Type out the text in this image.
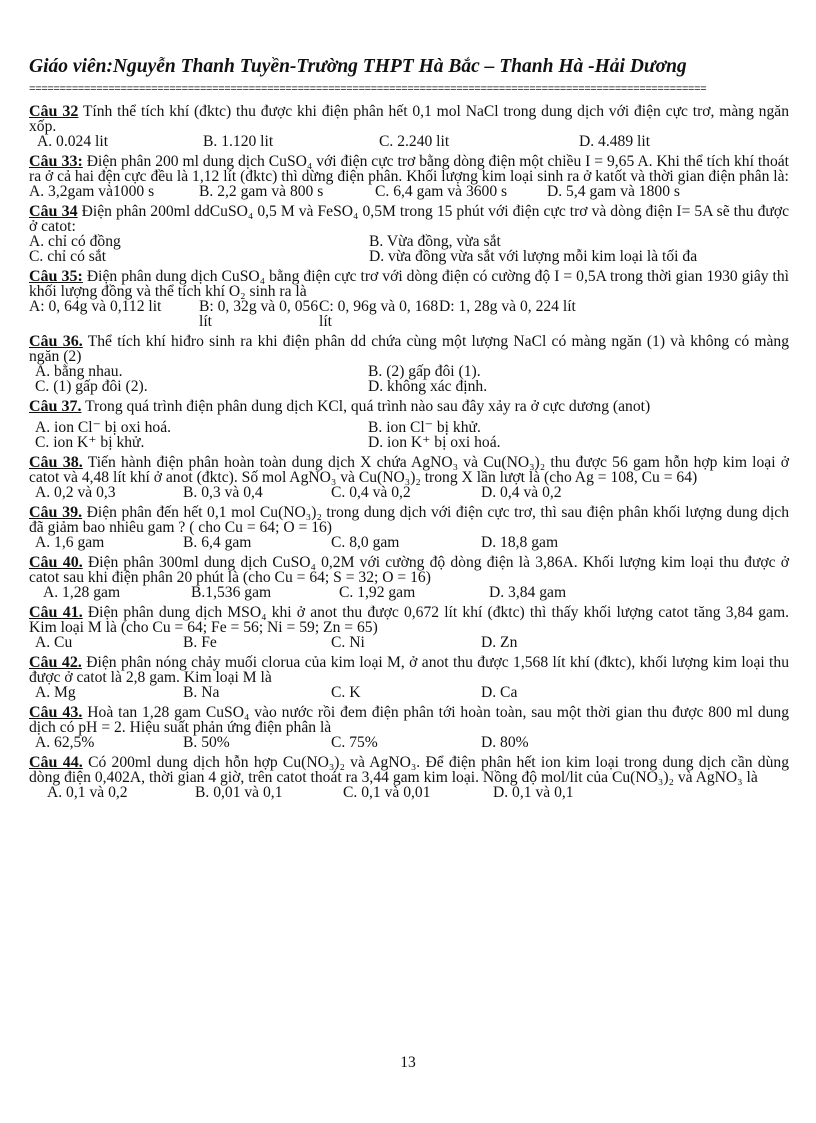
Giáo viên:Nguyễn Thanh Tuyền-Trường THPT Hà Bắc – Thanh Hà -Hải Dương

===============================================================================================================

Câu 32 Tính thể tích khí (đktc) thu được khi điện phân hết 0,1 mol NaCl trong dung dịch với điện cực trơ, màng ngăn xốp.

A. 0.024 lit	B. 1.120 lit	C. 2.240 lit	D. 4.489 lit

Câu 33: Điện phân 200 ml dung dịch CuSO₄ với điện cực trơ bằng dòng điện một chiều I = 9,65 A. Khi thể tích khí thoát ra ở cả hai đện cực đều là 1,12 lít (đktc) thì dừng điện phân. Khối lượng kim loại sinh ra ở katốt và thời gian điện phân là:

A. 3,2gam và1000 s	B. 2,2 gam và 800 s	C. 6,4 gam và 3600 s	D. 5,4 gam và 1800 s

Câu 34 Điện phân 200ml ddCuSO₄ 0,5 M và FeSO₄ 0,5M trong 15 phút với điện cực trơ và dòng điện I= 5A sẽ thu được ở catot:

A. chỉ có đồng	B. Vừa đồng, vừa sắt
C. chỉ có sắt	D. vừa đồng vừa sắt với lượng mỗi kim loại là tối đa

Câu 35: Điện phân dung dịch CuSO₄ bằng điện cực trơ với dòng điện có cường độ I = 0,5A trong thời gian 1930 giây thì khối lượng đồng và thể tích khí O₂ sinh ra là

A: 0, 64g và 0,112 lit	B: 0, 32g và 0, 056 lít
C: 0, 96g và 0, 168 lít
D: 1, 28g và 0, 224 lít

Câu 36. Thể tích khí hiđro sinh ra khi điện phân dd chứa cùng một lượng NaCl có màng ngăn (1) và không có màng ngăn (2)

A. bằng nhau.	B. (2) gấp đôi (1).
C. (1) gấp đôi (2).	D. không xác định.

Câu 37. Trong quá trình điện phân dung dịch KCl, quá trình nào sau đây xảy ra ở cực dương (anot)

A. ion Cl⁻ bị oxi hoá.	B. ion Cl⁻ bị khử.
C. ion K⁺ bị khử.	D. ion K⁺ bị oxi hoá.

Câu 38. Tiến hành điện phân hoàn toàn dung dịch X chứa AgNO₃ và Cu(NO₃)₂ thu được 56 gam hỗn hợp kim loại ở catot và 4,48 lít khí ở anot (đktc). Số mol AgNO₃ và Cu(NO₃)₂ trong X lần lượt là (cho Ag = 108, Cu = 64)

A. 0,2 và 0,3	B. 0,3 và 0,4	C. 0,4 và 0,2	D. 0,4 và 0,2

Câu 39. Điện phân đến hết 0,1 mol Cu(NO₃)₂ trong dung dịch với điện cực trơ, thì sau điện phân khối lượng dung dịch đã giảm bao nhiêu gam ? ( cho Cu = 64; O = 16)

A. 1,6 gam	B. 6,4 gam	C. 8,0 gam	D. 18,8 gam

Câu 40. Điện phân 300ml dung dịch CuSO₄ 0,2M với cường độ dòng điện là 3,86A. Khối lượng kim loại thu được ở catot sau khi điện phân 20 phút là (cho Cu = 64; S = 32; O = 16)

A. 1,28 gam	B.1,536 gam	C. 1,92 gam	D. 3,84 gam

Câu 41. Điện phân dung dịch MSO₄ khi ở anot thu được 0,672 lít khí (đktc) thì thấy khối lượng catot tăng 3,84 gam. Kim loại M là (cho Cu = 64; Fe = 56; Ni = 59; Zn = 65)

A. Cu	B. Fe	C. Ni	D. Zn

Câu 42. Điện phân nóng chảy muối clorua của kim loại M, ở anot thu được 1,568 lít khí (đktc), khối lượng kim loại thu được ở catot là 2,8 gam. Kim loại M là

A. Mg	B. Na	C. K	D. Ca

Câu 43. Hoà tan 1,28 gam CuSO₄ vào nước rồi đem điện phân tới hoàn toàn, sau một thời gian thu được 800 ml dung dịch có pH = 2. Hiệu suất phản ứng điện phân là

A. 62,5%	B. 50%	C. 75%	D. 80%

Câu 44. Có 200ml dung dịch hỗn hợp Cu(NO₃)₂ và AgNO₃. Để điện phân hết ion kim loại trong dung dịch cần dùng dòng điện 0,402A, thời gian 4 giờ, trên catot thoát ra 3,44 gam kim loại. Nồng độ mol/lit của Cu(NO₃)₂ và AgNO₃ là

A. 0,1 và 0,2	B. 0,01 và 0,1	C. 0,1 và 0,01	D. 0,1 và 0,1
13
